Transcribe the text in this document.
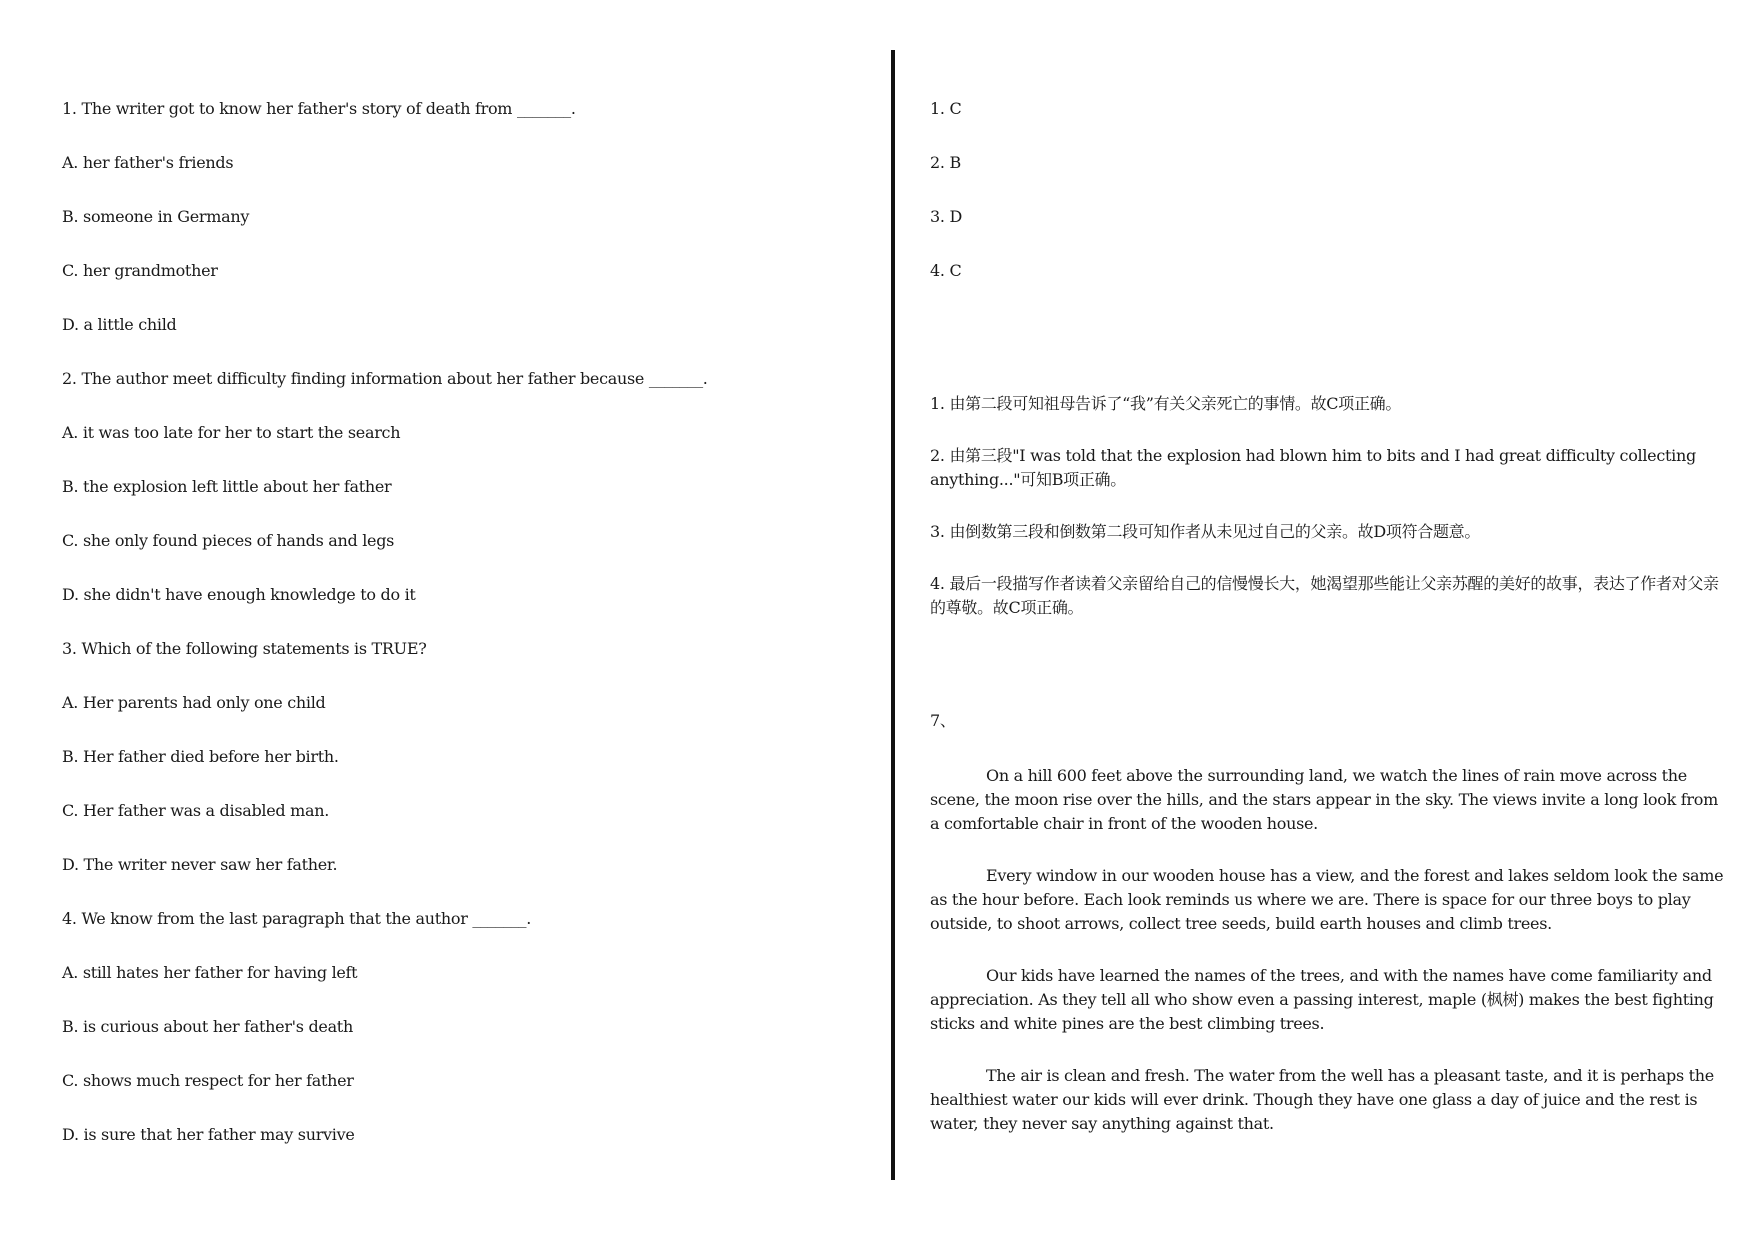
1. The writer got to know her father's story of death from _______.
A. her father's friends
B. someone in Germany
C. her grandmother
D. a little child
2. The author meet difficulty finding information about her father because _______.
A. it was too late for her to start the search
B. the explosion left little about her father
C. she only found pieces of hands and legs
D. she didn't have enough knowledge to do it
3. Which of the following statements is TRUE?
A. Her parents had only one child
B. Her father died before her birth.
C. Her father was a disabled man.
D. The writer never saw her father.
4. We know from the last paragraph that the author _______.
A. still hates her father for having left
B. is curious about her father's death
C. shows much respect for her father
D. is sure that her father may survive
1. C
2. B
3. D
4. C
1. 由第二段可知祖母告诉了“我”有关父亲死亡的事情。故C项正确。
2. 由第三段"I was told that the explosion had blown him to bits and I had great difficulty collecting anything..."可知B项正确。
3. 由倒数第三段和倒数第二段可知作者从未见过自己的父亲。故D项符合题意。
4. 最后一段描写作者读着父亲留给自己的信慢慢长大，她渴望那些能让父亲苏醒的美好的故事，表达了作者对父亲的尊敬。故C项正确。
7、
On a hill 600 feet above the surrounding land, we watch the lines of rain move across the scene, the moon rise over the hills, and the stars appear in the sky. The views invite a long look from a comfortable chair in front of the wooden house.
Every window in our wooden house has a view, and the forest and lakes seldom look the same as the hour before. Each look reminds us where we are. There is space for our three boys to play outside, to shoot arrows, collect tree seeds, build earth houses and climb trees.
Our kids have learned the names of the trees, and with the names have come familiarity and appreciation. As they tell all who show even a passing interest, maple (枫树) makes the best fighting sticks and white pines are the best climbing trees.
The air is clean and fresh. The water from the well has a pleasant taste, and it is perhaps the healthiest water our kids will ever drink. Though they have one glass a day of juice and the rest is water, they never say anything against that.
